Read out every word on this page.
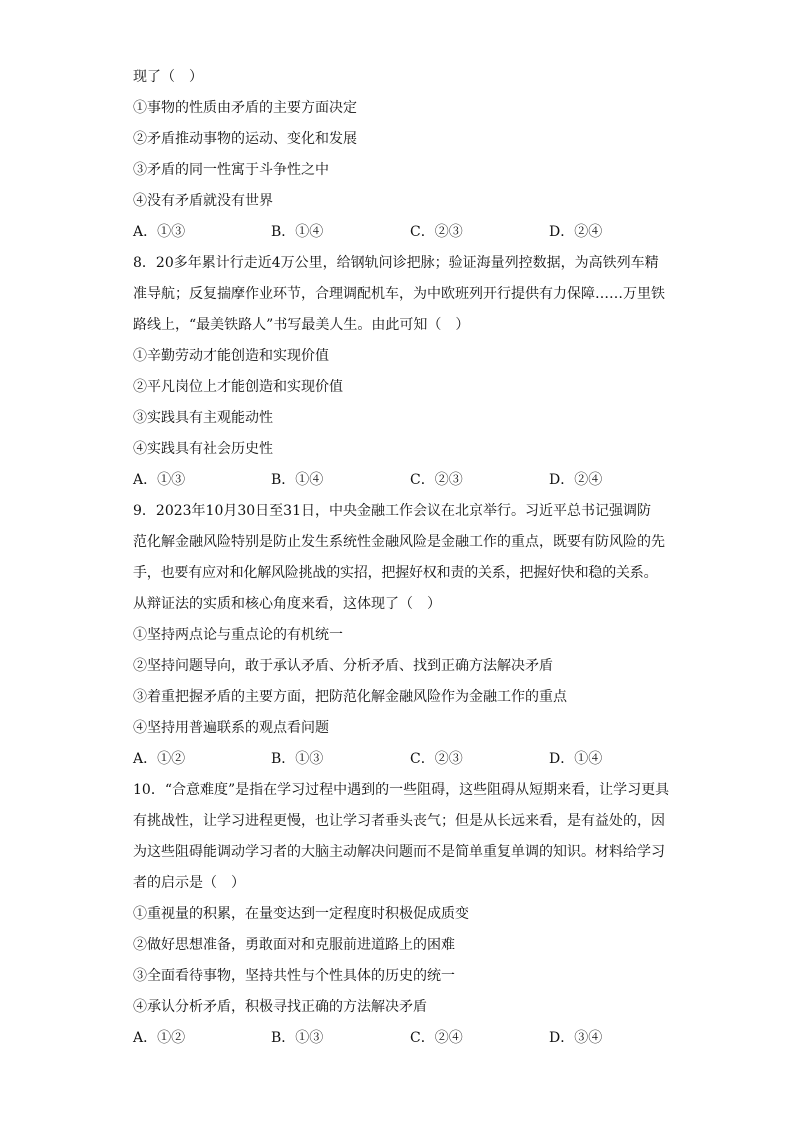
现了（　）
①事物的性质由矛盾的主要方面决定
②矛盾推动事物的运动、变化和发展
③矛盾的同一性寓于斗争性之中
④没有矛盾就没有世界
A．①③	B．①④	C．②③	D．②④
8．20多年累计行走近4万公里，给钢轨问诊把脉；验证海量列控数据，为高铁列车精
准导航；反复揣摩作业环节，合理调配机车，为中欧班列开行提供有力保障……万里铁
路线上，“最美铁路人”书写最美人生。由此可知（　）
①辛勤劳动才能创造和实现价值
②平凡岗位上才能创造和实现价值
③实践具有主观能动性
④实践具有社会历史性
A．①③	B．①④	C．②③	D．②④
9．2023年10月30日至31日，中央金融工作会议在北京举行。习近平总书记强调防
范化解金融风险特别是防止发生系统性金融风险是金融工作的重点，既要有防风险的先
手，也要有应对和化解风险挑战的实招，把握好权和责的关系，把握好快和稳的关系。
从辩证法的实质和核心角度来看，这体现了（　）
①坚持两点论与重点论的有机统一
②坚持问题导向，敢于承认矛盾、分析矛盾、找到正确方法解决矛盾
③着重把握矛盾的主要方面，把防范化解金融风险作为金融工作的重点
④坚持用普遍联系的观点看问题
A．①②	B．①③	C．②③	D．①④
10．“合意难度”是指在学习过程中遇到的一些阻碍，这些阻碍从短期来看，让学习更具
有挑战性，让学习进程更慢，也让学习者垂头丧气；但是从长远来看，是有益处的，因
为这些阻碍能调动学习者的大脑主动解决问题而不是简单重复单调的知识。材料给学习
者的启示是（　）
①重视量的积累，在量变达到一定程度时积极促成质变
②做好思想准备，勇敢面对和克服前进道路上的困难
③全面看待事物，坚持共性与个性具体的历史的统一
④承认分析矛盾，积极寻找正确的方法解决矛盾
A．①②	B．①③	C．②④	D．③④
